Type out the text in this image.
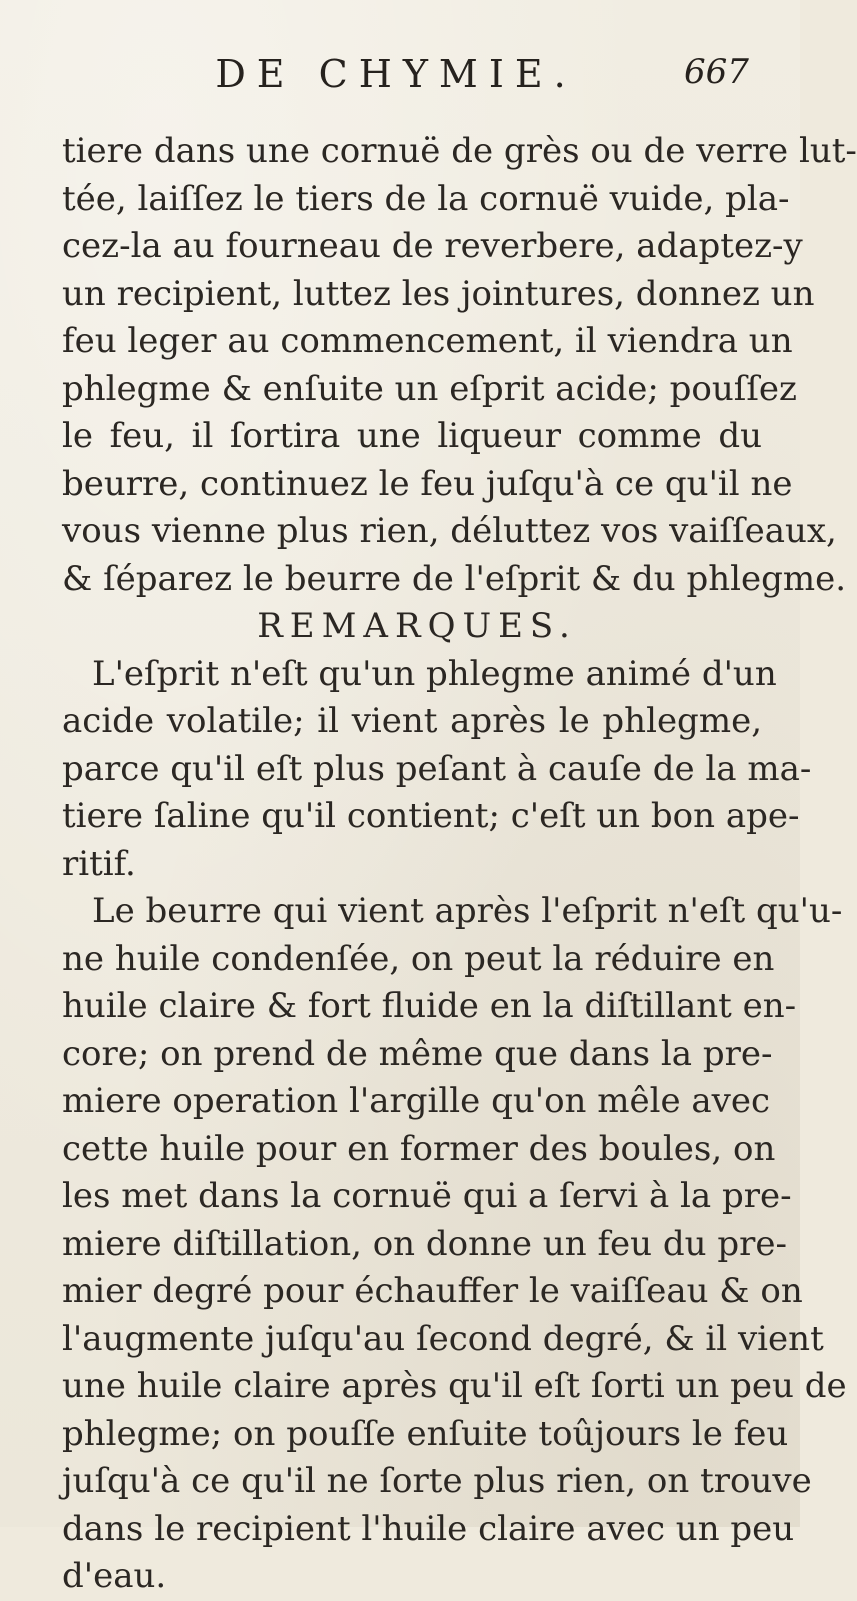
DE CHYMIE.	667
tiere dans une cornuë de grès ou de verre lut-
tée, laiſſez le tiers de la cornuë vuide, pla-
cez-la au fourneau de reverbere, adaptez-y
un recipient, luttez les jointures, donnez un
feu leger au commencement, il viendra un
phlegme & enſuite un eſprit acide; pouſſez
le feu, il ſortira une liqueur comme du
beurre, continuez le feu juſqu'à ce qu'il ne
vous vienne plus rien, déluttez vos vaiſſeaux,
& ſéparez le beurre de l'eſprit & du phlegme.
REMARQUES.
L'eſprit n'eſt qu'un phlegme animé d'un
acide volatile; il vient après le phlegme,
parce qu'il eſt plus peſant à cauſe de la ma-
tiere ſaline qu'il contient; c'eſt un bon ape-
ritif.
Le beurre qui vient après l'eſprit n'eſt qu'u-
ne huile condenſée, on peut la réduire en
huile claire & fort fluide en la diſtillant en-
core; on prend de même que dans la pre-
miere operation l'argille qu'on mêle avec
cette huile pour en former des boules, on
les met dans la cornuë qui a ſervi à la pre-
miere diſtillation, on donne un feu du pre-
mier degré pour échauffer le vaiſſeau & on
l'augmente juſqu'au ſecond degré, & il vient
une huile claire après qu'il eſt ſorti un peu de
phlegme; on pouſſe enſuite toûjours le feu
juſqu'à ce qu'il ne ſorte plus rien, on trouve
dans le recipient l'huile claire avec un peu
d'eau.
